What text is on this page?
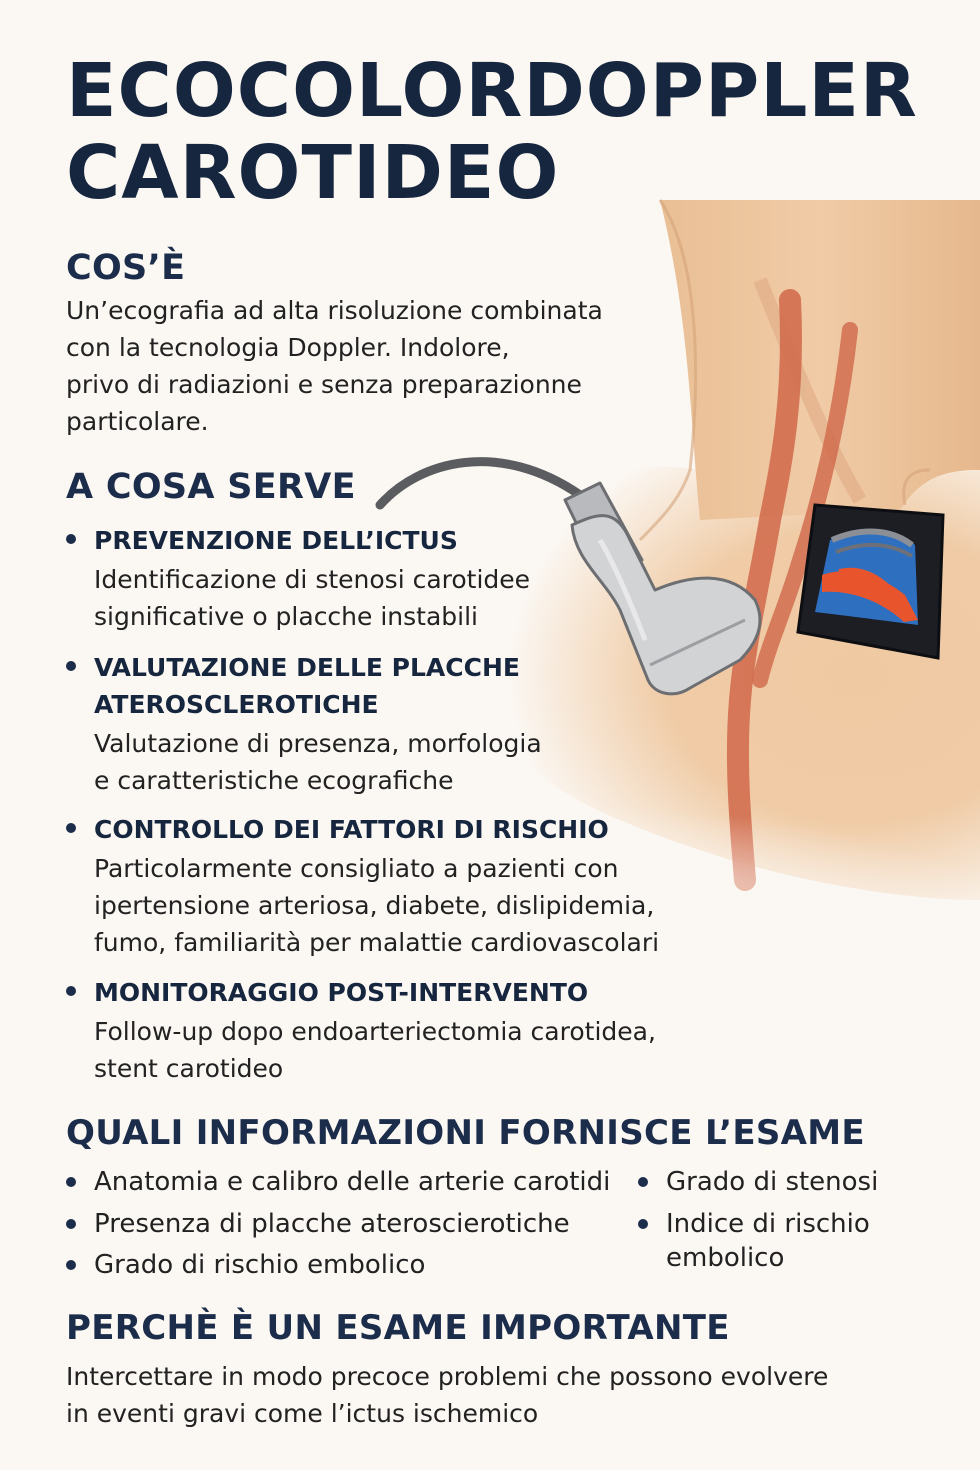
ECOCOLORDOPPLER
CAROTIDEO
COS’È

Un’ecografia ad alta risoluzione combinata
con la tecnologia Doppler. Indolore,
privo di radiazioni e senza preparazionne
particolare.

A COSA SERVE
PREVENZIONE DELL’ICTUS
Identificazione di stenosi carotidee
significative o placche instabili
VALUTAZIONE DELLE PLACCHE
ATEROSCLEROTICHE
Valutazione di presenza, morfologia
e caratteristiche ecografiche
CONTROLLO DEI FATTORI DI RISCHIO
Particolarmente consigliato a pazienti con
ipertensione arteriosa, diabete, dislipidemia,
fumo, familiarità per malattie cardiovascolari
MONITORAGGIO POST-INTERVENTO
Follow-up dopo endoarteriectomia carotidea,
stent carotideo
QUALI INFORMAZIONI FORNISCE L’ESAME
Anatomia e calibro delle arterie carotidi
Presenza di placche ateroscierotiche
Grado di rischio embolico
Grado di stenosi
Indice di rischio
embolico
PERCHÈ È UN ESAME IMPORTANTE

Intercettare in modo precoce problemi che possono evolvere
in eventi gravi come l’ictus ischemico
